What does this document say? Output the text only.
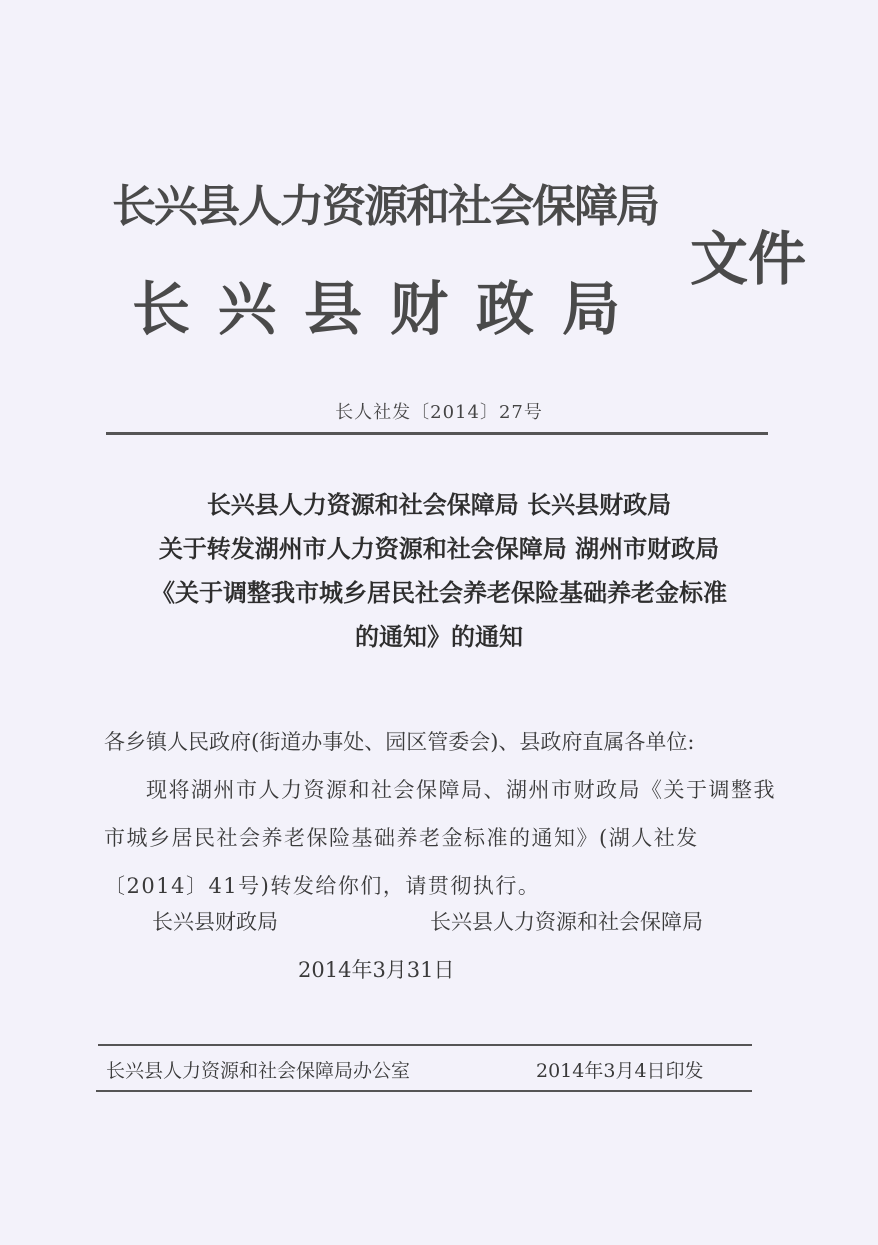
长兴县人力资源和社会保障局
长兴县财政局
文件
长人社发〔2014〕27号
长兴县人力资源和社会保障局 长兴县财政局
关于转发湖州市人力资源和社会保障局 湖州市财政局
《关于调整我市城乡居民社会养老保险基础养老金标准
的通知》的通知
各乡镇人民政府(街道办事处、园区管委会)、县政府直属各单位:
现将湖州市人力资源和社会保障局、湖州市财政局《关于调整我市城乡居民社会养老保险基础养老金标准的通知》(湖人社发〔2014〕41号)转发给你们，请贯彻执行。
长兴县财政局	长兴县人力资源和社会保障局
2014年3月31日
长兴县人力资源和社会保障局办公室	2014年3月4日印发
